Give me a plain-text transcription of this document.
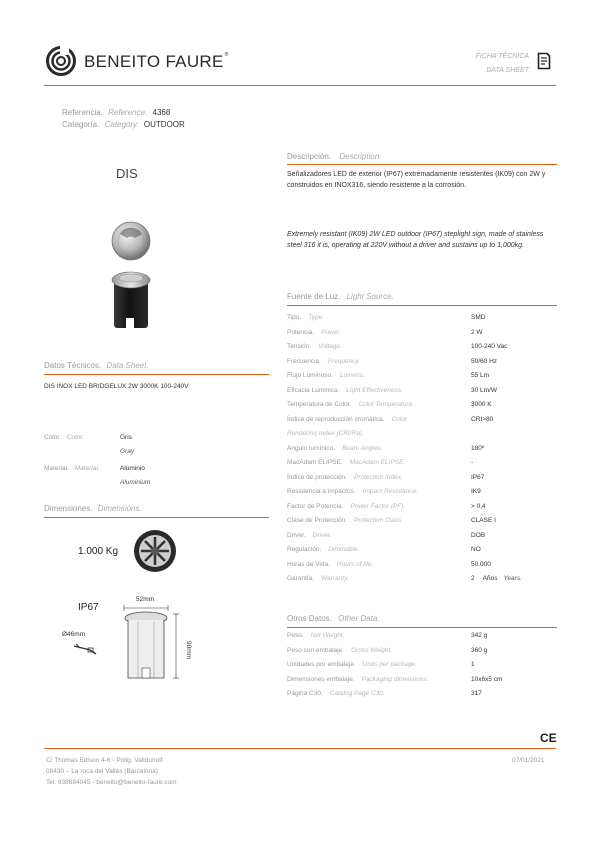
BENEITO FAURE®	FICHA TÉCNICA
DATA SHEET
Referencia. Reference. 4368
Categoría. Category. OUTDOOR
DIS
Datos Técnicos. Data Sheet.
DIS INOX LED BRIDGELUX 2W 3000K 100-240V
Color. Color.	Gris
Gray
Material. Material.	Aluminio
Aluminium
Dimensiones. Dimensions.
1.000 Kg
IP67
Ø46mm
52mm
90mm
Descripción. Description.
Señalizadores LED de exterior (IP67) extremadamente resistentes (IK09) con 2W y construidos en INOX316, siendo resistente a la corrosión.
Extremely resistant (IK09) 2W LED outdoor (IP67) steplight sign, made of stainless steel 316 it is, operating at 220V without a driver and sustains up to 1,000kg.
Fuente de Luz. Light Source.
Tipo. Type.	SMD
Potencia. Power.	2 W
Tensión. Voltage.	100-240 Vac
Frecuencia. Frequency.	50/60 Hz
Flujo Luminoso. Lumens.	55 Lm
Eficacia Luminica. Light Effectiveness.	30 Lm/W
Temperatura de Color. Color Temperature.	3000 K
Índice de reproducción cromática. Color	CRI>80
Rendering Index (CRI/Ra).
Angulo lumínico. Beam Angles.	180º
MacAdam ELIPSE. MacAdam ELIPSE.	-
Índice de protección. Protection Index.	IP67
Resistencia a impactos. Impact Resistance.	IK9
Factor de Potencia. Power Factor (PF).	> 0,4
Clase de Protección. Protection Class.	CLASE I
Driver. Driver.	DOB
Regulación. Dimmable.	NO
Horas de Vida. Hours of life.	50.000
Garantía. Warranty.	2 Años Years.
Otros Datos. Other Data.
Peso. Net Weight.	342 g
Peso con embalaje. Gross Weight.	360 g
Unidades por embalaje. Units per package.	1
Dimensiones embalaje. Packaging dimensions.	10x6x5 cm
Página C30. Catalog Page C30.	317
CE
C/ Thomas Edison 4-6 - Polig. Valldoriolf
08430 – La roca del Vallès (Barcelona)
Tel. 938684045 - beneito@beneito-faure.com
07/01/2021
